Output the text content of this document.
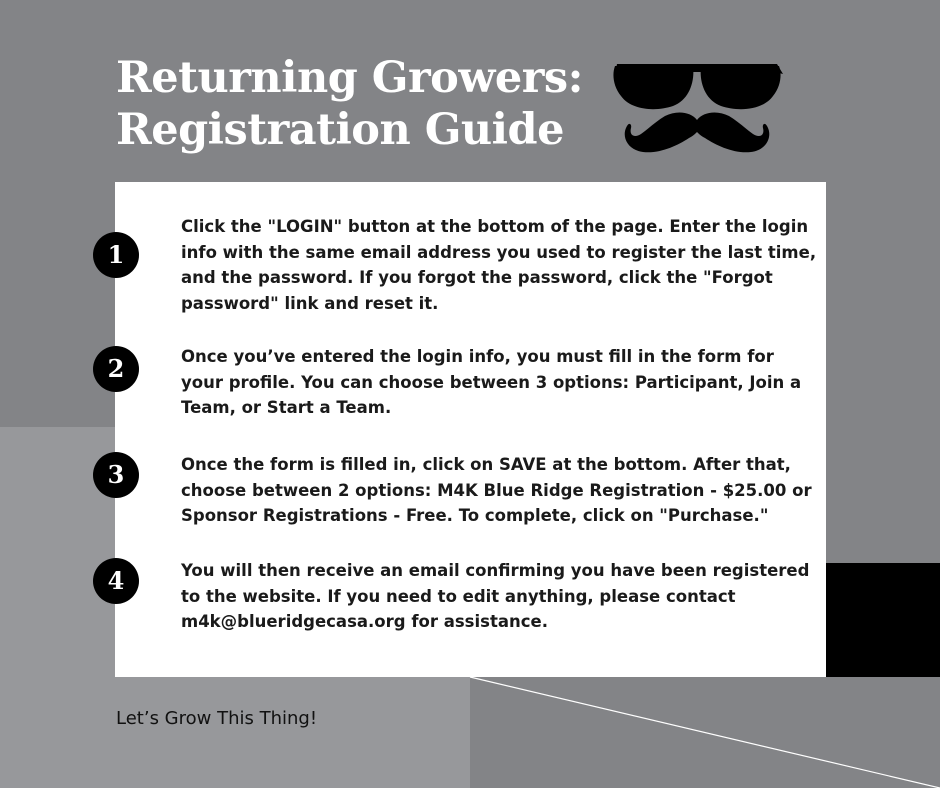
Returning Growers:
Registration Guide
1

Click the "LOGIN" button at the bottom of the page. Enter the login info with the same email address you used to register the last time, and the password. If you forgot the password, click the "Forgot password" link and reset it.

2	Once you’ve entered the login info, you must fill in the form for your profile. You can choose between 3 options: Participant, Join a Team, or Start a Team.

3	Once the form is filled in, click on SAVE at the bottom. After that, choose between 2 options: M4K Blue Ridge Registration - $25.00 or Sponsor Registrations - Free. To complete, click on "Purchase."

4	You will then receive an email confirming you have been registered to the website. If you need to edit anything, please contact m4k@blueridgecasa.org for assistance.

Let’s Grow This Thing!
